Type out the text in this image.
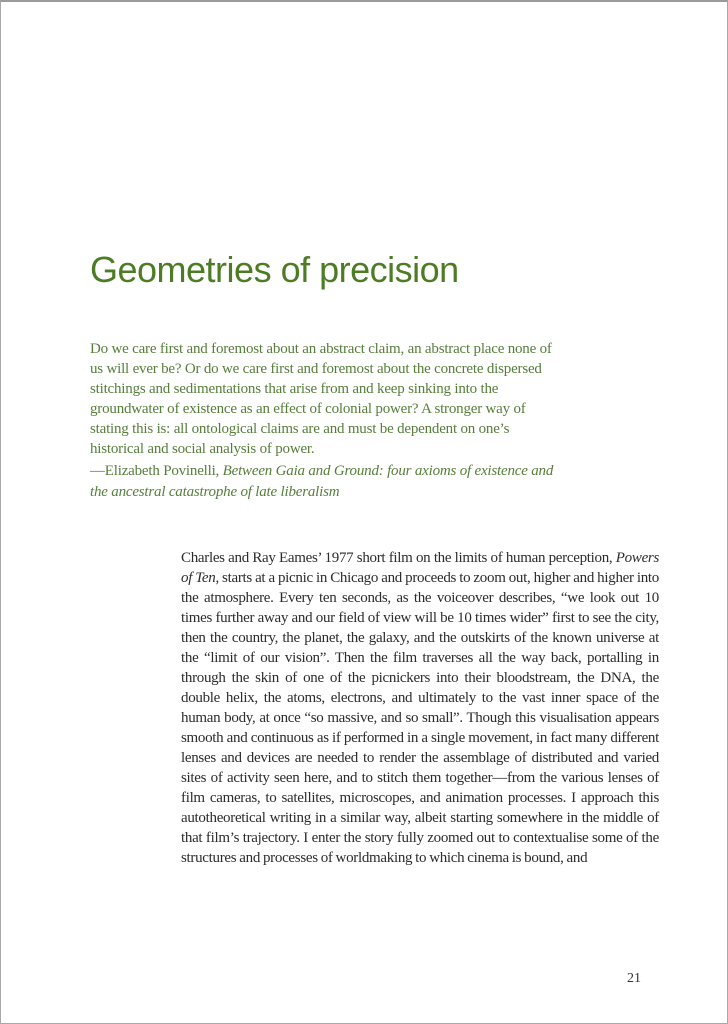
Geometries of precision

Do we care first and foremost about an abstract claim, an abstract place none of us will ever be? Or do we care first and foremost about the concrete dispersed stitchings and sedimentations that arise from and keep sinking into the groundwater of existence as an effect of colonial power? A stronger way of stating this is: all ontological claims are and must be dependent on one’s historical and social analysis of power.

—Elizabeth Povinelli, Between Gaia and Ground: four axioms of existence and the ancestral catastrophe of late liberalism

Charles and Ray Eames’ 1977 short film on the limits of human perception, Powers of Ten, starts at a picnic in Chicago and proceeds to zoom out, higher and higher into the atmosphere. Every ten seconds, as the voiceover describes, “we look out 10 times further away and our field of view will be 10 times wider” first to see the city, then the country, the planet, the galaxy, and the outskirts of the known universe at the “limit of our vision”. Then the film traverses all the way back, portalling in through the skin of one of the picnickers into their bloodstream, the DNA, the double helix, the atoms, electrons, and ultimately to the vast inner space of the human body, at once “so massive, and so small”. Though this visualisation appears smooth and continuous as if performed in a single movement, in fact many different lenses and devices are needed to render the assemblage of distributed and varied sites of activity seen here, and to stitch them together—from the various lenses of film cameras, to satellites, microscopes, and animation processes. I approach this autotheoretical writing in a similar way, albeit starting somewhere in the middle of that film’s trajectory. I enter the story fully zoomed out to contextualise some of the structures and processes of worldmaking to which cinema is bound, and

21
